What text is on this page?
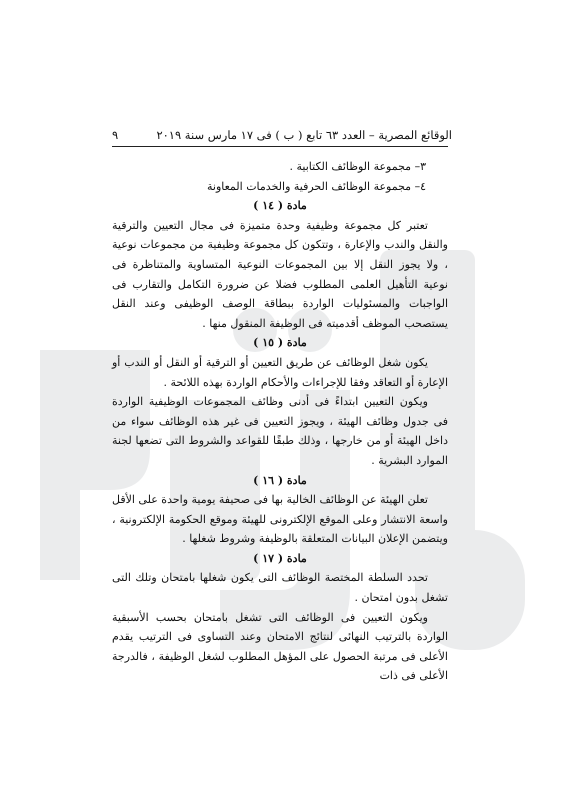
الوقائع المصرية – العدد ٦٣ تابع ( ب ) فى ١٧ مارس سنة ٢٠١٩
٩

٣– مجموعة الوظائف الكتابية .

٤– مجموعة الوظائف الحرفية والخدمات المعاونة

مادة ( ١٤ )

تعتبر كل مجموعة وظيفية وحدة متميزة فى مجال التعيين والترقية والنقل والندب والإعارة ، وتتكون كل مجموعة وظيفية من مجموعات نوعية ، ولا يجوز النقل إلا بين المجموعات النوعية المتساوية والمتناظرة فى نوعية التأهيل العلمى المطلوب فضلا عن ضرورة التكامل والتقارب فى الواجبات والمسئوليات الواردة ببطاقة الوصف الوظيفى وعند النقل يستصحب الموظف أقدميته فى الوظيفة المنقول منها .

مادة ( ١٥ )

يكون شغل الوظائف عن طريق التعيين أو الترقية أو النقل أو الندب أو الإعارة أو التعاقد وفقا للإجراءات والأحكام الواردة بهذه اللائحة .

ويكون التعيين ابتداءً فى أدنى وظائف المجموعات الوظيفية الواردة فى جدول وظائف الهيئة ، ويجوز التعيين فى غير هذه الوظائف سواء من داخل الهيئة أو من خارجها ، وذلك طبقًا للقواعد والشروط التى تضعها لجنة الموارد البشرية .

مادة ( ١٦ )

تعلن الهيئة عن الوظائف الخالية بها فى صحيفة يومية واحدة على الأقل واسعة الانتشار وعلى الموقع الإلكترونى للهيئة وموقع الحكومة الإلكترونية ، ويتضمن الإعلان البيانات المتعلقة بالوظيفة وشروط شغلها .

مادة ( ١٧ )

تحدد السلطة المختصة الوظائف التى يكون شغلها بامتحان وتلك التى تشغل بدون امتحان .

ويكون التعيين فى الوظائف التى تشغل بامتحان بحسب الأسبقية الواردة بالترتيب النهائى لنتائج الامتحان وعند التساوى فى الترتيب يقدم الأعلى فى مرتبة الحصول على المؤهل المطلوب لشغل الوظيفة ، فالدرجة الأعلى فى ذات
